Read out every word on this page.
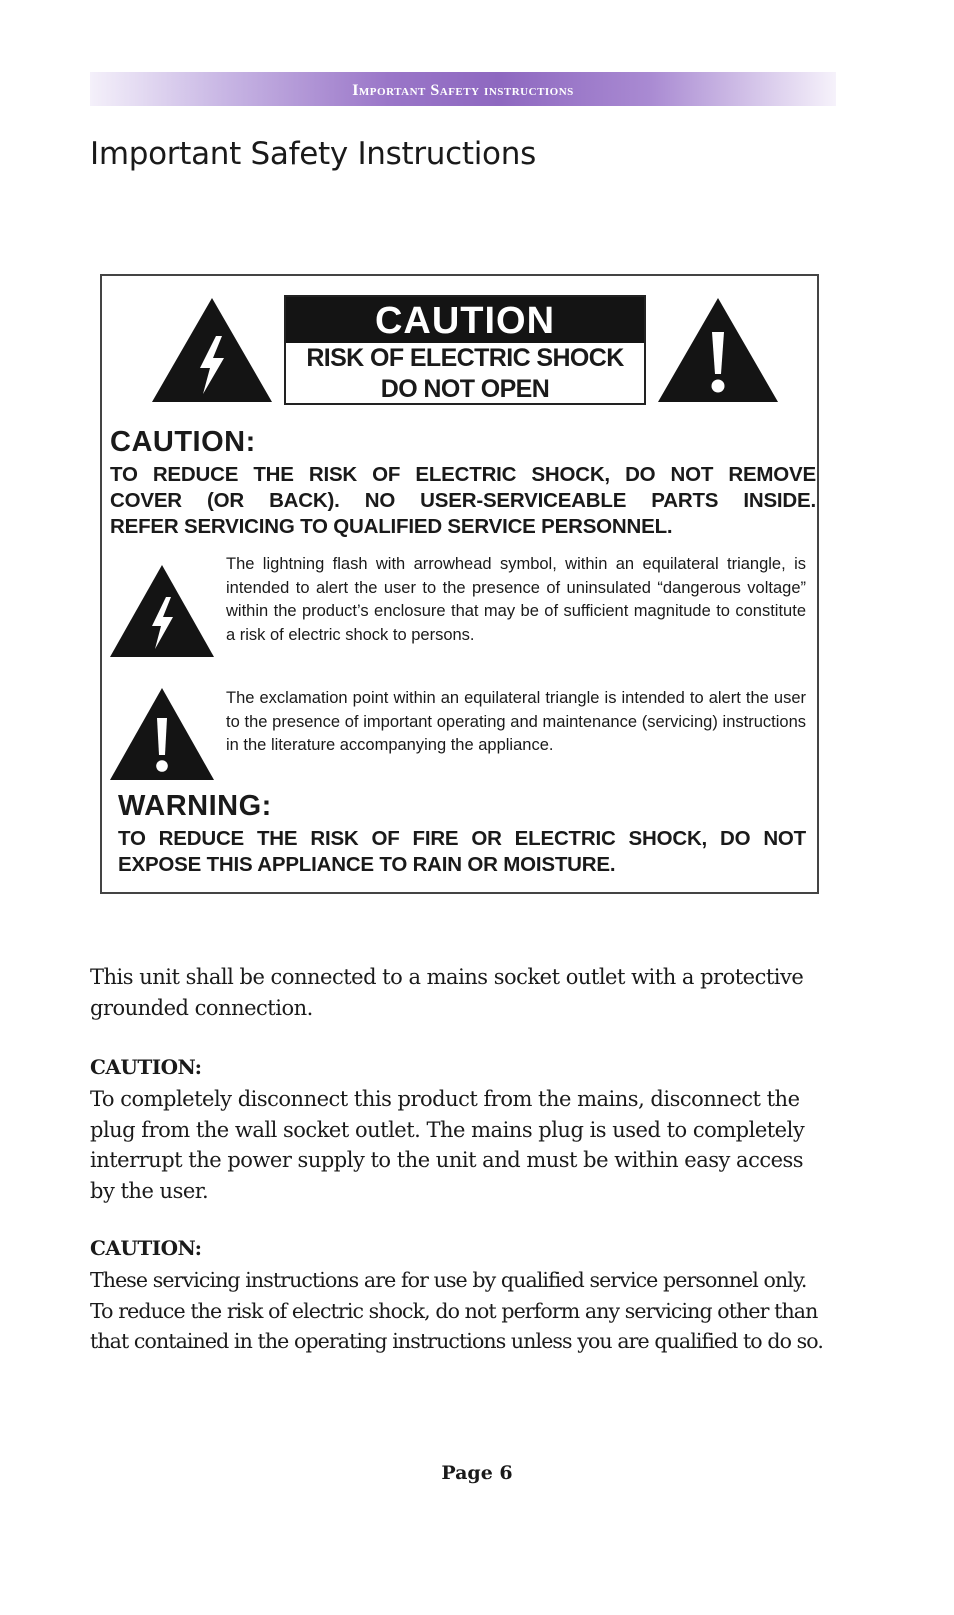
Important Safety instructions
Important Safety Instructions
CAUTION
RISK OF ELECTRIC SHOCK
DO NOT OPEN
CAUTION:
TO REDUCE THE RISK OF ELECTRIC SHOCK, DO NOT REMOVE
COVER (OR BACK). NO USER-SERVICEABLE PARTS INSIDE.
REFER SERVICING TO QUALIFIED SERVICE PERSONNEL.
The lightning flash with arrowhead symbol, within an equilateral triangle, is intended to alert the user to the presence of uninsulated “dangerous voltage” within the product’s enclosure that may be of sufficient magnitude to constitute a risk of electric shock to persons.
The exclamation point within an equilateral triangle is intended to alert the user to the presence of important operating and maintenance (servicing) instructions in the literature accompanying the appliance.
WARNING:
TO REDUCE THE RISK OF FIRE OR ELECTRIC SHOCK, DO NOT
EXPOSE THIS APPLIANCE TO RAIN OR MOISTURE.
This unit shall be connected to a mains socket outlet with a protective grounded connection.
CAUTION:
To completely disconnect this product from the mains, disconnect the plug from the wall socket outlet. The mains plug is used to completely interrupt the power supply to the unit and must be within easy access by the user.
CAUTION:
These servicing instructions are for use by qualified service personnel only. To reduce the risk of electric shock, do not perform any servicing other than that contained in the operating instructions unless you are qualified to do so.
Page 6
